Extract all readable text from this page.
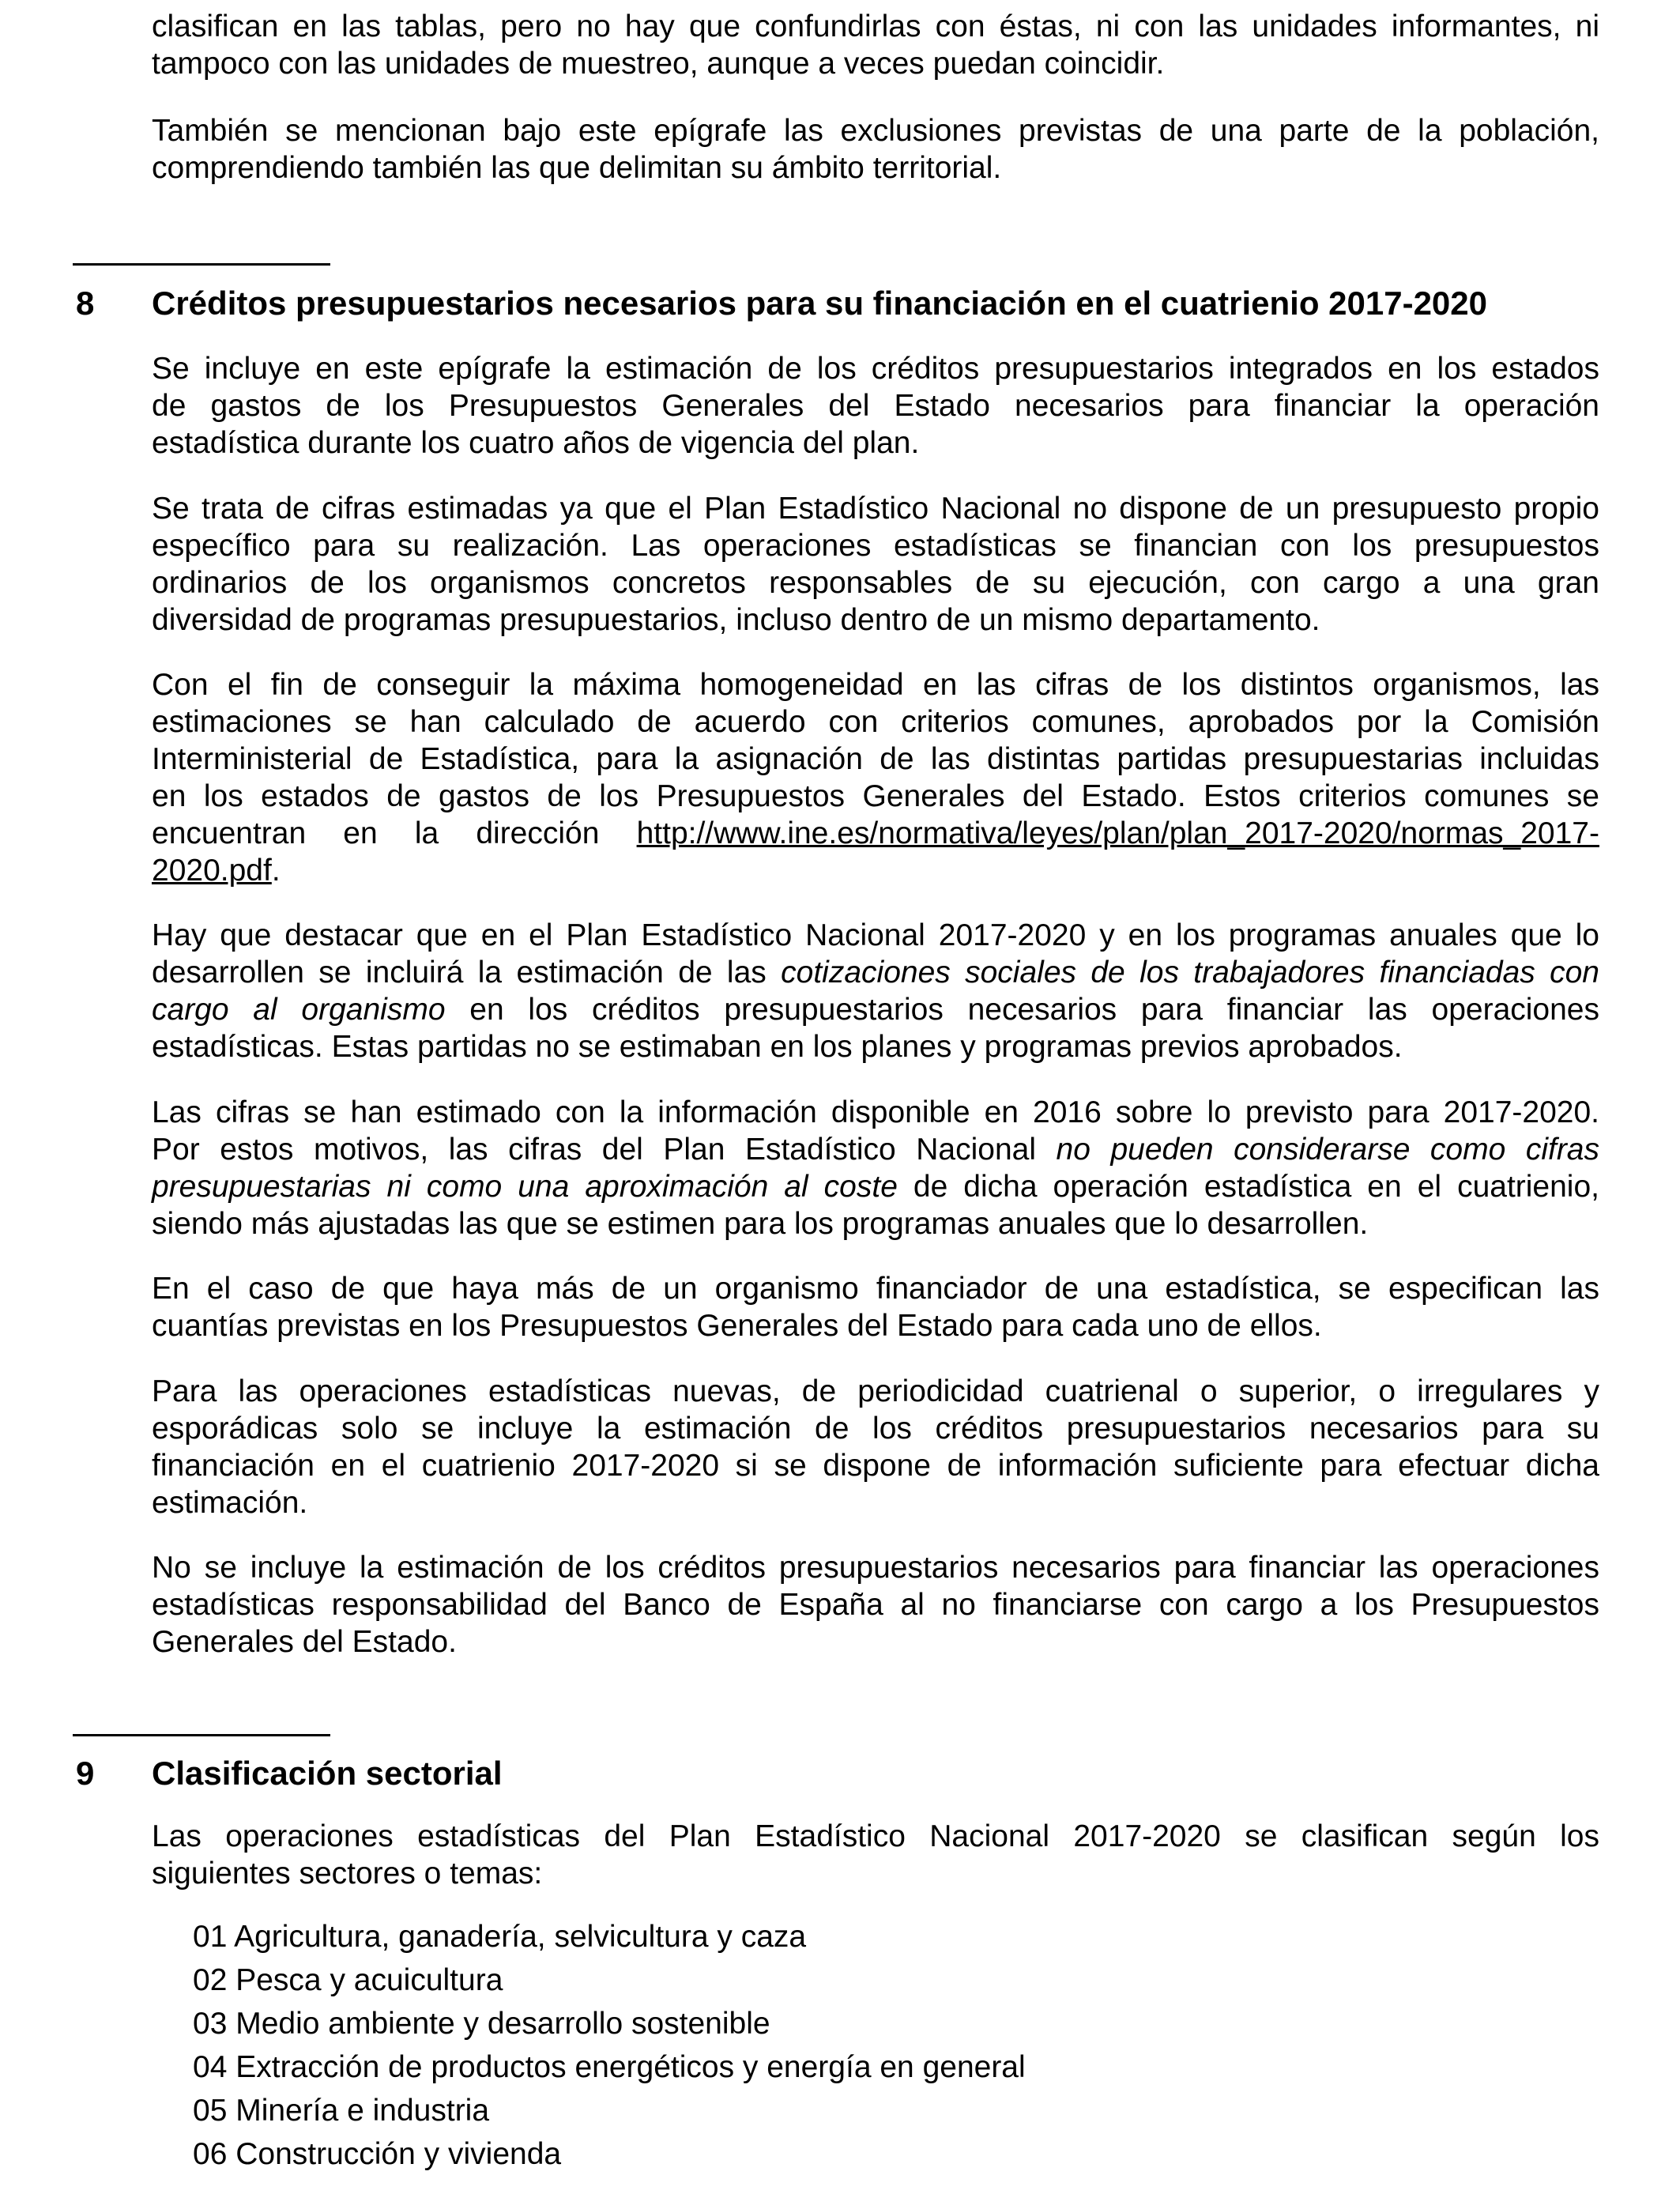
clasifican en las tablas, pero no hay que confundirlas con éstas, ni con las unidades informantes, ni
tampoco con las unidades de muestreo, aunque a veces puedan coincidir.

También se mencionan bajo este epígrafe las exclusiones previstas de una parte de la población,
comprendiendo también las que delimitan su ámbito territorial.

8 Créditos presupuestarios necesarios para su financiación en el cuatrienio 2017-2020

Se incluye en este epígrafe la estimación de los créditos presupuestarios integrados en los estados
de gastos de los Presupuestos Generales del Estado necesarios para financiar la operación
estadística durante los cuatro años de vigencia del plan.

Se trata de cifras estimadas ya que el Plan Estadístico Nacional no dispone de un presupuesto propio
específico para su realización. Las operaciones estadísticas se financian con los presupuestos
ordinarios de los organismos concretos responsables de su ejecución, con cargo a una gran
diversidad de programas presupuestarios, incluso dentro de un mismo departamento.

Con el fin de conseguir la máxima homogeneidad en las cifras de los distintos organismos, las
estimaciones se han calculado de acuerdo con criterios comunes, aprobados por la Comisión
Interministerial de Estadística, para la asignación de las distintas partidas presupuestarias incluidas
en los estados de gastos de los Presupuestos Generales del Estado. Estos criterios comunes se
encuentran en la dirección http://www.ine.es/normativa/leyes/plan/plan_2017-2020/normas_2017-
2020.pdf.

Hay que destacar que en el Plan Estadístico Nacional 2017-2020 y en los programas anuales que lo
desarrollen se incluirá la estimación de las cotizaciones sociales de los trabajadores financiadas con
cargo al organismo en los créditos presupuestarios necesarios para financiar las operaciones
estadísticas. Estas partidas no se estimaban en los planes y programas previos aprobados.

Las cifras se han estimado con la información disponible en 2016 sobre lo previsto para 2017-2020.
Por estos motivos, las cifras del Plan Estadístico Nacional no pueden considerarse como cifras
presupuestarias ni como una aproximación al coste de dicha operación estadística en el cuatrienio,
siendo más ajustadas las que se estimen para los programas anuales que lo desarrollen.

En el caso de que haya más de un organismo financiador de una estadística, se especifican las
cuantías previstas en los Presupuestos Generales del Estado para cada uno de ellos.

Para las operaciones estadísticas nuevas, de periodicidad cuatrienal o superior, o irregulares y
esporádicas solo se incluye la estimación de los créditos presupuestarios necesarios para su
financiación en el cuatrienio 2017-2020 si se dispone de información suficiente para efectuar dicha
estimación.

No se incluye la estimación de los créditos presupuestarios necesarios para financiar las operaciones
estadísticas responsabilidad del Banco de España al no financiarse con cargo a los Presupuestos
Generales del Estado.

9 Clasificación sectorial

Las operaciones estadísticas del Plan Estadístico Nacional 2017-2020 se clasifican según los
siguientes sectores o temas:

01 Agricultura, ganadería, selvicultura y caza
02 Pesca y acuicultura
03 Medio ambiente y desarrollo sostenible
04 Extracción de productos energéticos y energía en general
05 Minería e industria
06 Construcción y vivienda
